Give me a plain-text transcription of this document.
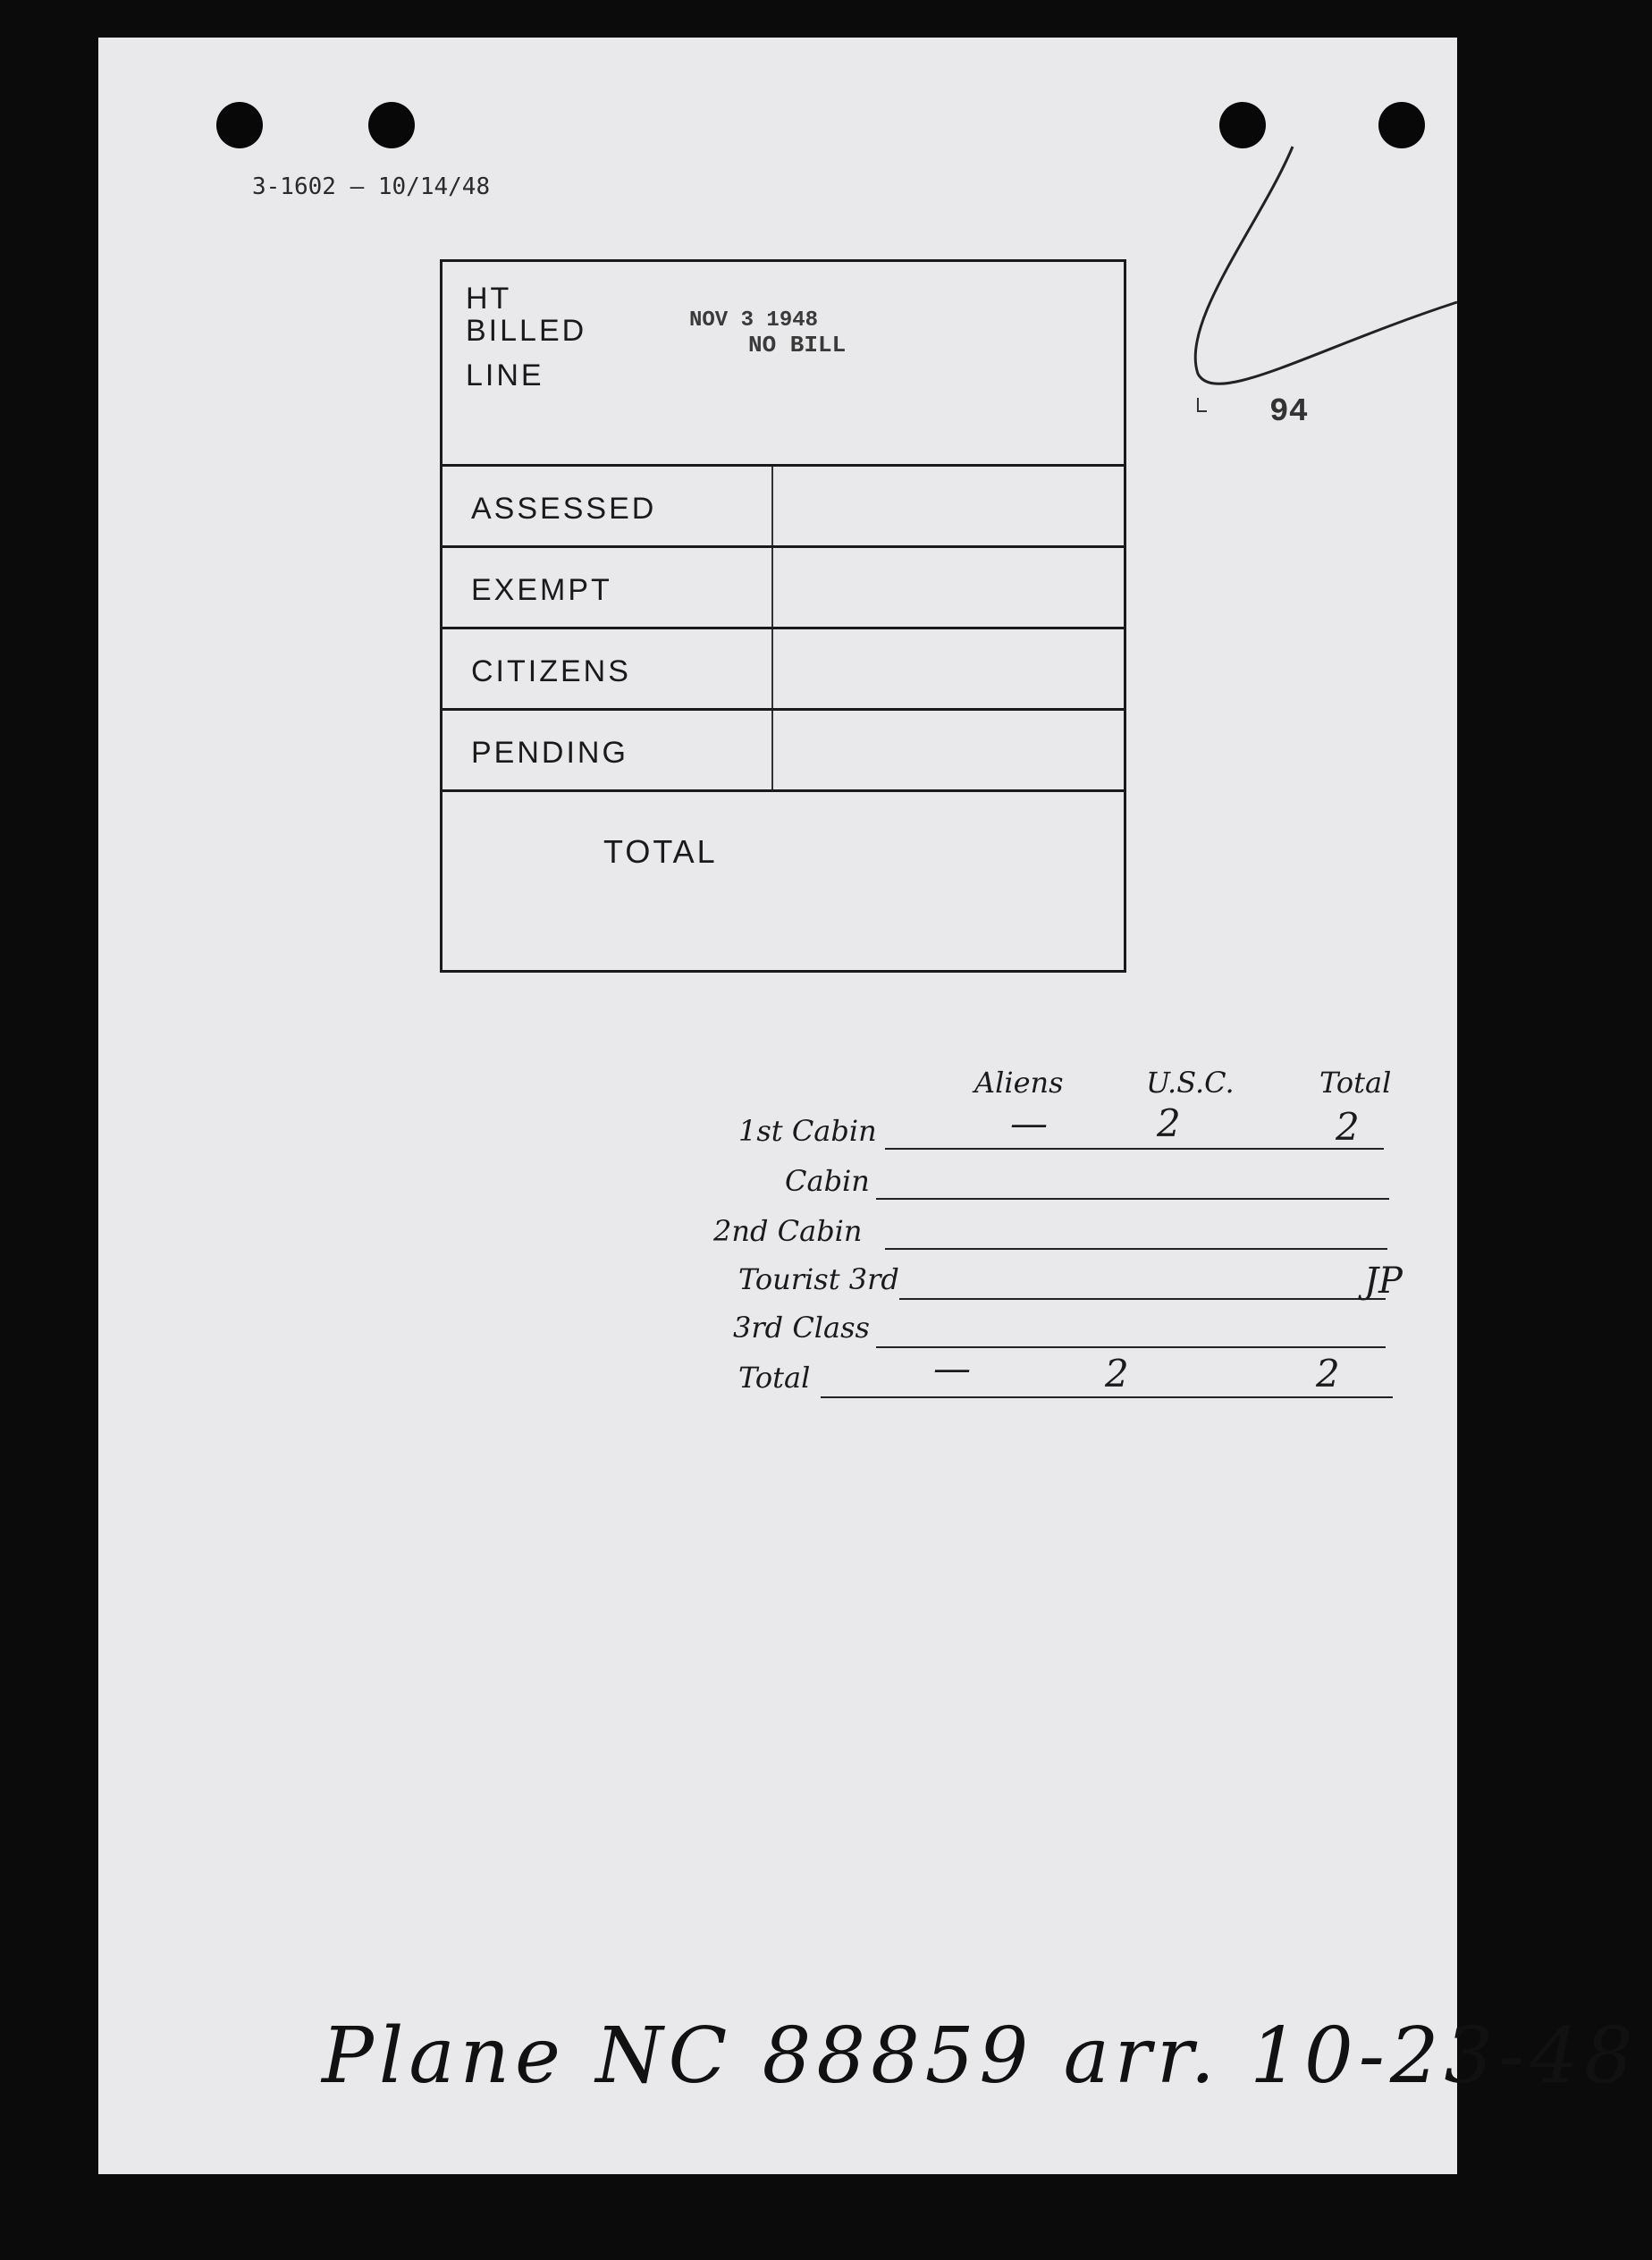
3-1602 — 10/14/48
94
HT
BILLED
LINE
NOV 3 1948
NO BILL
ASSESSED
EXEMPT
CITIZENS
PENDING
TOTAL
Aliens	U.S.C.	Total
1st Cabin	—	2	2
Cabin
2nd Cabin
Tourist 3rd	JP
3rd Class
Total	—	2	2
Plane NC 88859 arr. 10-23-48
